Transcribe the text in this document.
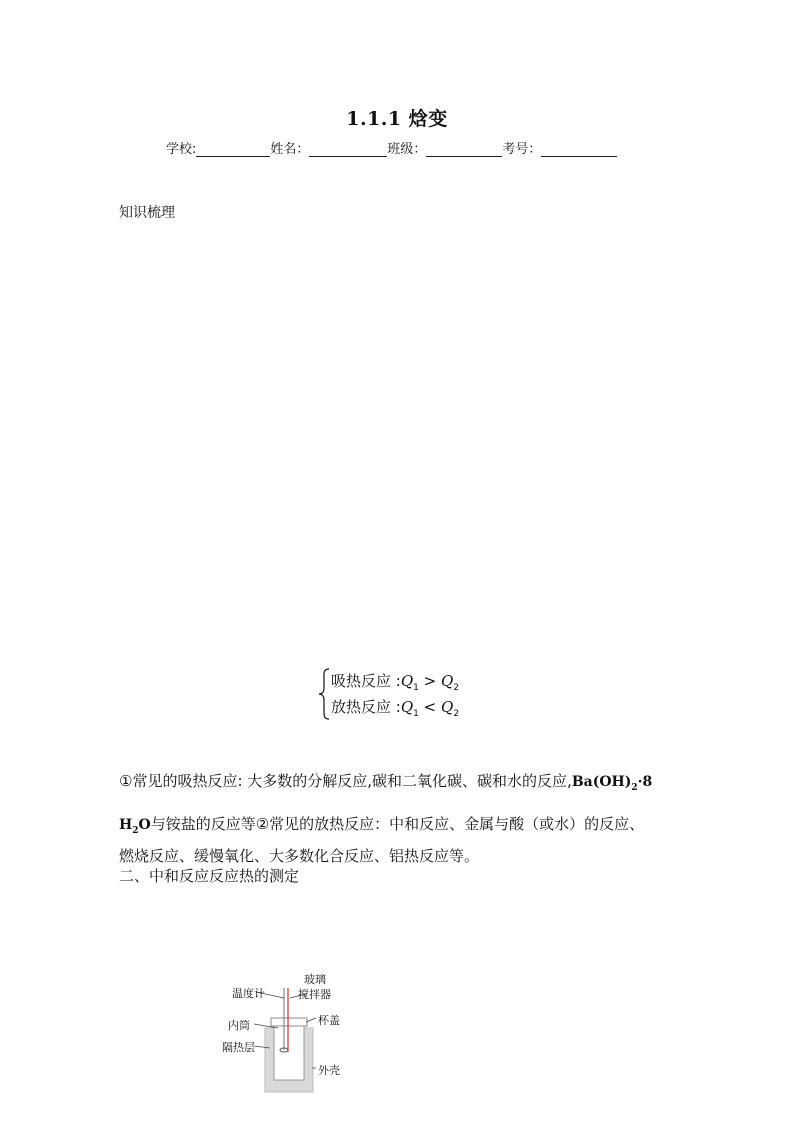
1.1.1 焓变
学校:	姓名：	班级：	考号：
知识梳理
吸热反应 $:Q_1 > Q_2$
放热反应 $:Q_1 < Q_2$
①常见的吸热反应: 大多数的分解反应,碳和二氧化碳、碳和水的反应$,Ba(OH)_2\cdot 8$
$H_2O$与铵盐的反应等②常见的放热反应：中和反应、金属与酸（或水）的反应、
燃烧反应、缓慢氧化、大多数化合反应、铝热反应等。
二、中和反应反应热的测定
玻璃
搅拌器
温度计
内筒	杯盖
隔热层
外壳
